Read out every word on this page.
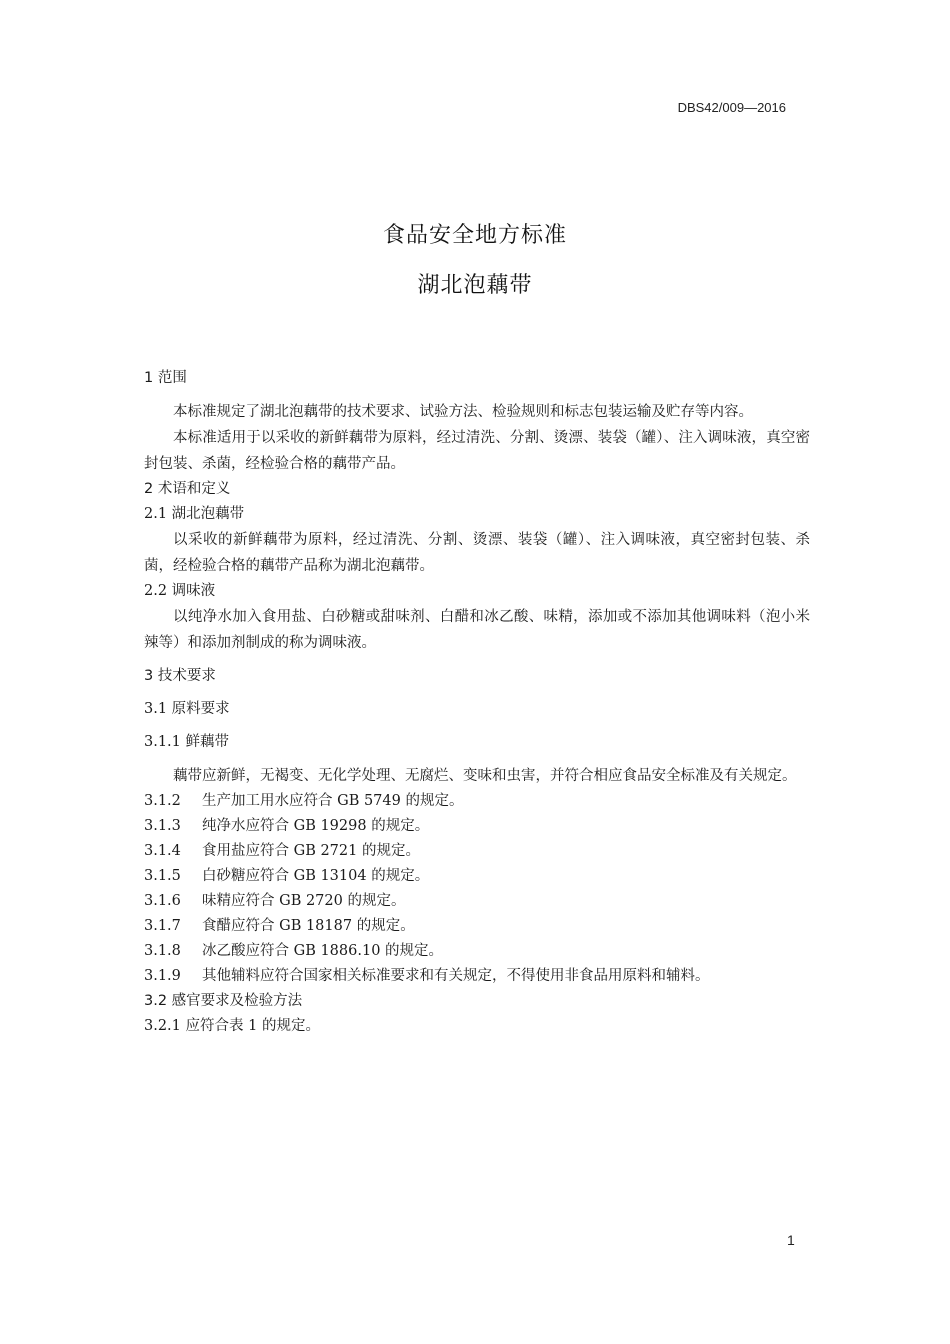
DBS42/009—2016
食品安全地方标准
湖北泡藕带

1 范围

本标准规定了湖北泡藕带的技术要求、试验方法、检验规则和标志包装运输及贮存等内容。

本标准适用于以采收的新鲜藕带为原料，经过清洗、分割、烫漂、装袋（罐）、注入调味液，真空密封包装、杀菌，经检验合格的藕带产品。

2 术语和定义

2.1 湖北泡藕带

以采收的新鲜藕带为原料，经过清洗、分割、烫漂、装袋（罐）、注入调味液，真空密封包装、杀菌，经检验合格的藕带产品称为湖北泡藕带。

2.2 调味液

以纯净水加入食用盐、白砂糖或甜味剂、白醋和冰乙酸、味精，添加或不添加其他调味料（泡小米辣等）和添加剂制成的称为调味液。

3 技术要求

3.1 原料要求

3.1.1 鲜藕带

藕带应新鲜，无褐变、无化学处理、无腐烂、变味和虫害，并符合相应食品安全标准及有关规定。

3.1.2 生产加工用水应符合 GB 5749 的规定。

3.1.3 纯净水应符合 GB 19298 的规定。

3.1.4 食用盐应符合 GB 2721 的规定。

3.1.5 白砂糖应符合 GB 13104 的规定。

3.1.6 味精应符合 GB 2720 的规定。

3.1.7 食醋应符合 GB 18187 的规定。

3.1.8 冰乙酸应符合 GB 1886.10 的规定。

3.1.9 其他辅料应符合国家相关标准要求和有关规定，不得使用非食品用原料和辅料。

3.2 感官要求及检验方法

3.2.1 应符合表 1 的规定。

1
